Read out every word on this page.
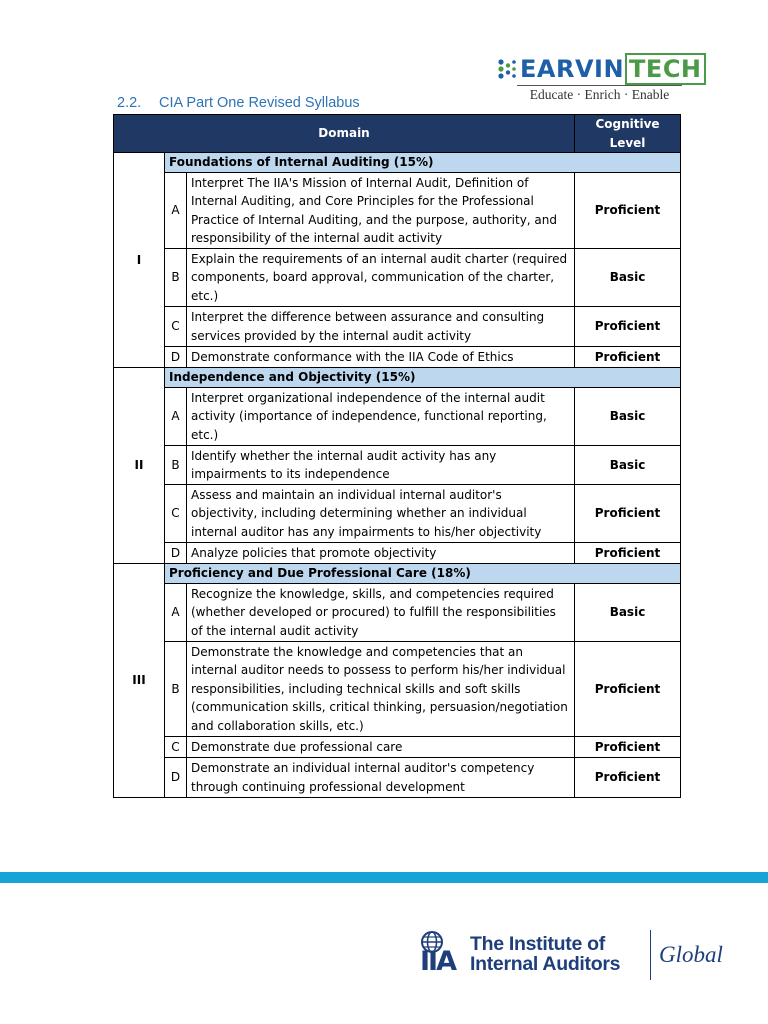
EARVIN TECH
Educate · Enrich · Enable
2.2. CIA Part One Revised Syllabus
Domain			Cognitive Level
I	Foundations of Internal Auditing (15%)		
	A	Interpret The IIA's Mission of Internal Audit, Definition of Internal Auditing, and Core Principles for the Professional Practice of Internal Auditing, and the purpose, authority, and responsibility of the internal audit activity	Proficient
	B	Explain the requirements of an internal audit charter (required components, board approval, communication of the charter, etc.)	Basic
	C	Interpret the difference between assurance and consulting services provided by the internal audit activity	Proficient
	D	Demonstrate conformance with the IIA Code of Ethics	Proficient
II	Independence and Objectivity (15%)		
	A	Interpret organizational independence of the internal audit activity (importance of independence, functional reporting, etc.)	Basic
	B	Identify whether the internal audit activity has any impairments to its independence	Basic
	C	Assess and maintain an individual internal auditor's objectivity, including determining whether an individual internal auditor has any impairments to his/her objectivity	Proficient
	D	Analyze policies that promote objectivity	Proficient
III	Proficiency and Due Professional Care (18%)		
	A	Recognize the knowledge, skills, and competencies required (whether developed or procured) to fulfill the responsibilities of the internal audit activity	Basic
	B	Demonstrate the knowledge and competencies that an internal auditor needs to possess to perform his/her individual responsibilities, including technical skills and soft skills (communication skills, critical thinking, persuasion/negotiation and collaboration skills, etc.)	Proficient
	C	Demonstrate due professional care	Proficient
	D	Demonstrate an individual internal auditor's competency through continuing professional development	Proficient
IIA
The Institute of
Internal Auditors Global
